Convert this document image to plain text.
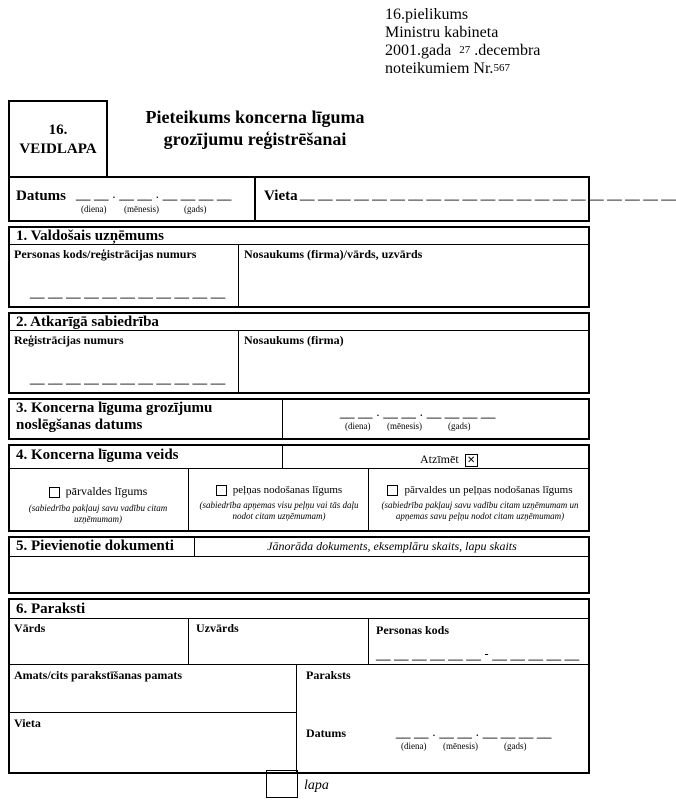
16.pielikums
Ministru kabineta
2001.gada $^{27}$ .decembra
noteikumiem Nr.$^{567}$
16.
VEIDLAPA
Pieteikums koncerna līguma
grozījumu reģistrēšanai
Datums __ __ . __ __ . __ __ __ __
(diena) (mēnesis)	(gads)
Vieta __ __ __ __ __ __ __ __ __ __ __ __ __ __ __ __ __ __ __ __ __
1. Valdošais uzņēmums
Personas kods/reģistrācijas numurs	Nosaukums (firma)/vārds, uzvārds
__ __ __ __ __ __ __ __ __ __ __
2. Atkarīgā sabiedrība
Reģistrācijas numurs	Nosaukums (firma)
__ __ __ __ __ __ __ __ __ __ __
3. Koncerna līguma grozījumu
noslēgšanas datums
__ __ . __ __ . __ __ __ __
(diena) (mēnesis)	(gads)
4. Koncerna līguma veids	Atzīmēt ✕
pārvaldes līgums
(sabiedrība pakļauj savu vadību citam uzņēmumam)
peļņas nodošanas līgums
(sabiedrība apņemas visu peļņu vai tās daļu nodot citam uzņēmumam)
pārvaldes un peļņas nodošanas līgums
(sabiedrība pakļauj savu vadību citam uzņēmumam un apņemas savu peļņu nodot citam uzņēmumam)
5. Pievienotie dokumenti	Jānorāda dokuments, eksemplāru skaits, lapu skaits
6. Paraksti
Vārds	Uzvārds	Personas kods
__ __ __ __ __ __ - __ __ __ __ __
Amats/cits parakstīšanas pamats	Paraksts
Vieta
Datums	__ __ . __ __ . __ __ __ __
(diena) (mēnesis)	(gads)
lapa
